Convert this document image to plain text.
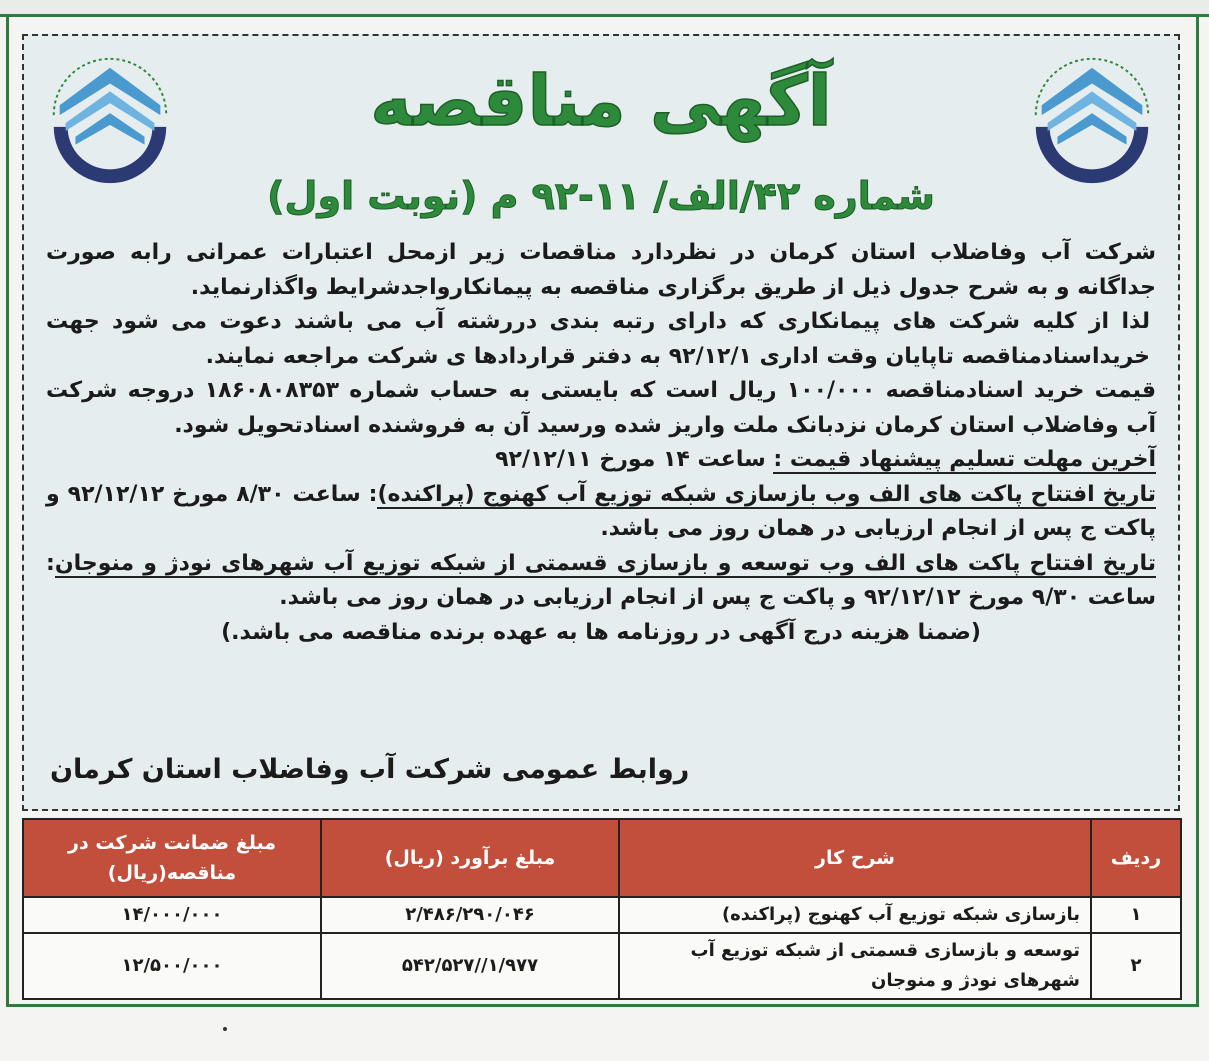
آگهی مناقصه
شماره ۴۲/الف/ ۱۱-۹۲ م (نوبت اول)

شرکت آب وفاضلاب استان کرمان در نظردارد مناقصات زیر ازمحل اعتبارات عمرانی رابه صورت جداگانه و به شرح جدول ذیل از طریق برگزاری مناقصه به پیمانکارواجدشرایط واگذارنماید.

لذا از کلیه شرکت های پیمانکاری که دارای رتبه بندی دررشته آب می باشند دعوت می شود جهت خریداسنادمناقصه تاپایان وقت اداری ۹۲/۱۲/۱ به دفتر قراردادها ی شرکت مراجعه نمایند.

قیمت خرید اسنادمناقصه ۱۰۰/۰۰۰ ریال است که بایستی به حساب شماره ۱۸۶۰۸۰۸۳۵۳ دروجه شرکت آب وفاضلاب استان کرمان نزدبانک ملت واریز شده ورسید آن به فروشنده اسنادتحویل شود.

آخرین مهلت تسلیم پیشنهاد قیمت : ساعت ۱۴ مورخ ۹۲/۱۲/۱۱

تاریخ افتتاح پاکت های الف وب بازسازی شبکه توزیع آب کهنوج (پراکنده): ساعت ۸/۳۰ مورخ ۹۲/۱۲/۱۲ و پاکت ج پس از انجام ارزیابی در همان روز می باشد.

تاریخ افتتاح پاکت های الف وب توسعه و بازسازی قسمتی از شبکه توزیع آب شهرهای نودژ و منوجان: ساعت ۹/۳۰ مورخ ۹۲/۱۲/۱۲ و پاکت ج پس از انجام ارزیابی در همان روز می باشد.

(ضمنا هزینه درج آگهی در روزنامه ها به عهده برنده مناقصه می باشد.)

روابط عمومی شرکت آب وفاضلاب استان کرمان
ردیف	شرح کار	مبلغ برآورد (ریال)	مبلغ ضمانت شرکت در مناقصه(ریال)
۱	بازسازی شبکه توزیع آب کهنوج (پراکنده)	۲/۴۸۶/۲۹۰/۰۴۶	۱۴/۰۰۰/۰۰۰
۲	توسعه و بازسازی قسمتی از شبکه توزیع آب شهرهای نودژ و منوجان	۱/۹۷۷//۵۴۲/۵۲۷	۱۲/۵۰۰/۰۰۰
